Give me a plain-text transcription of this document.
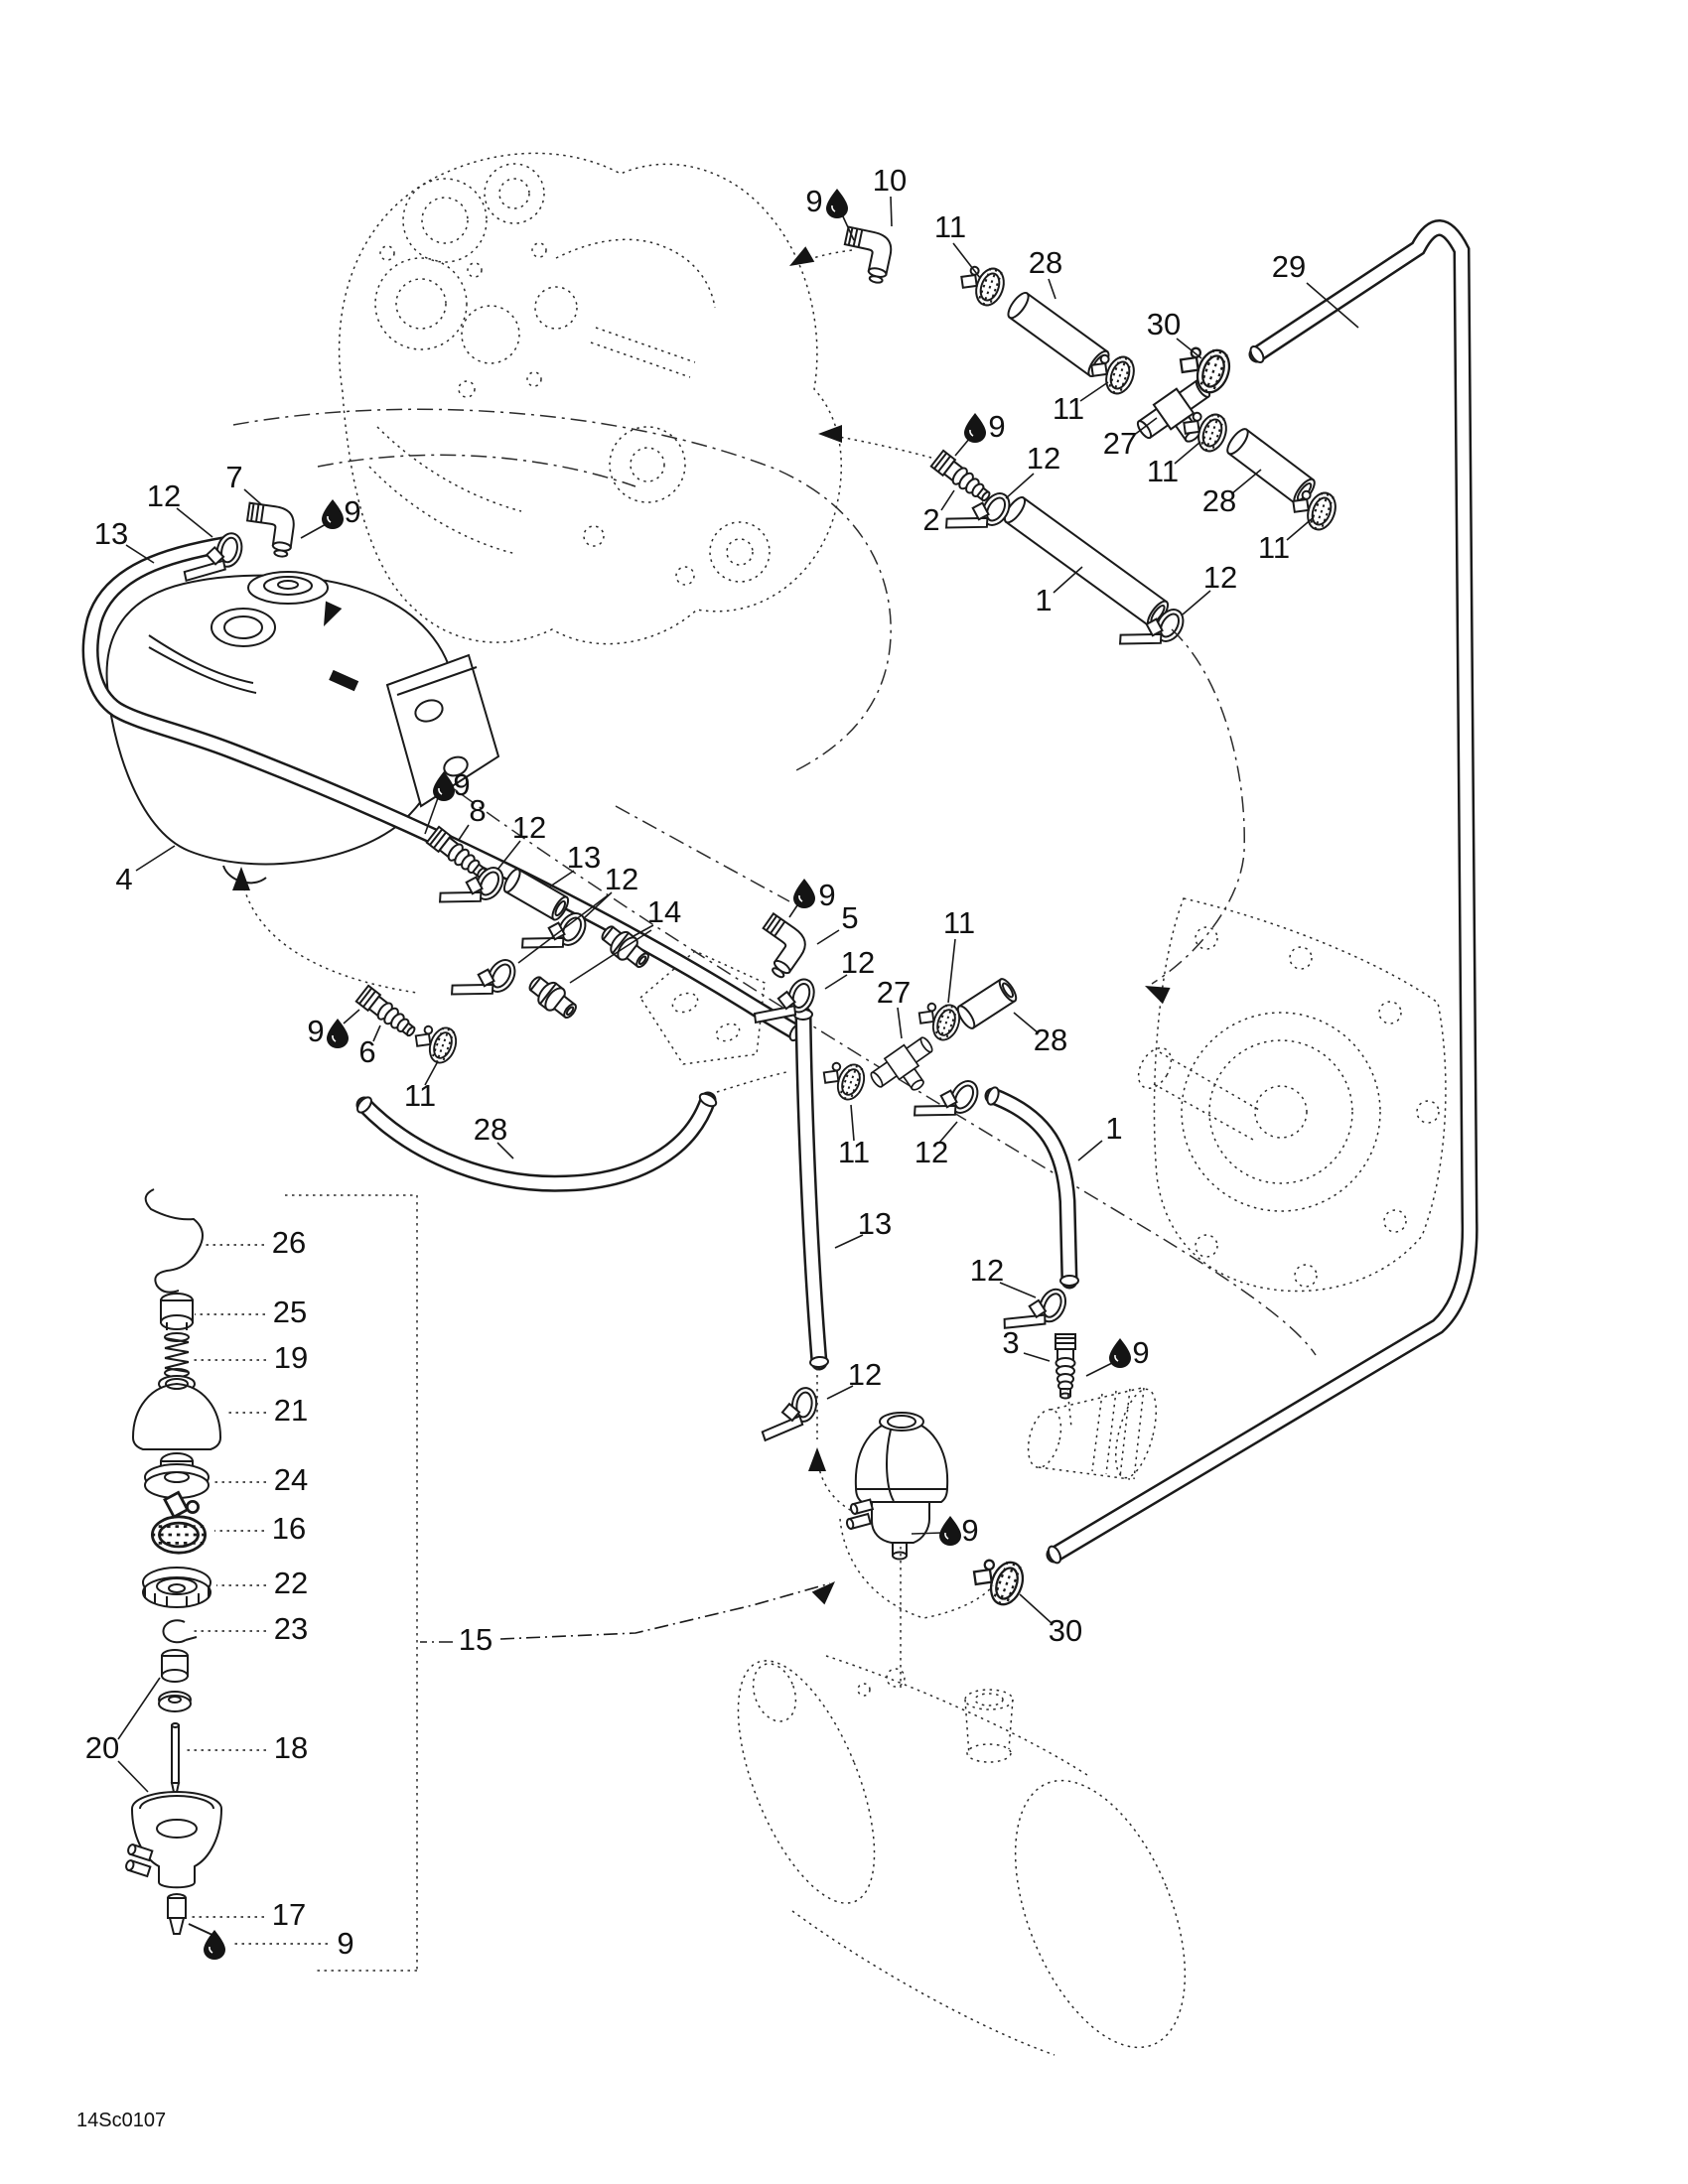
9
10
11
28	29
30
11
27
11
28
11
9
2
12
1
12
13
12
7
9
4
9
8 12
13
12
14
9
6
11
28
5
9
12
27
11
28
11 12
13
1
12
3	9
12
9
30
15
26
25
19
21
24
16
22
23
20	18
17
9
14Sc0107
